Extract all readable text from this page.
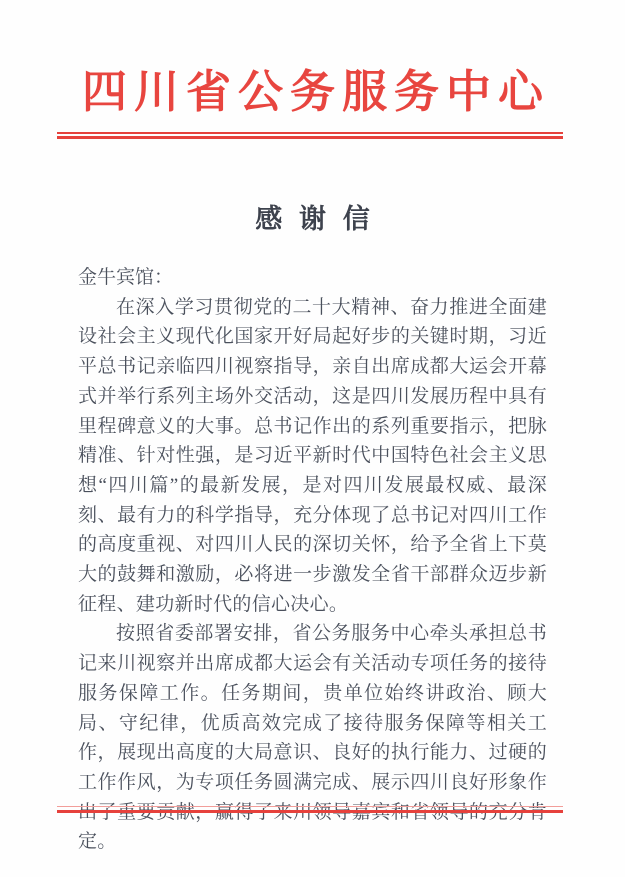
四川省公务服务中心
感 谢 信
金牛宾馆：

在深入学习贯彻党的二十大精神、奋力推进全面建设社会主义现代化国家开好局起好步的关键时期，习近平总书记亲临四川视察指导，亲自出席成都大运会开幕式并举行系列主场外交活动，这是四川发展历程中具有里程碑意义的大事。总书记作出的系列重要指示，把脉精准、针对性强，是习近平新时代中国特色社会主义思想“四川篇”的最新发展，是对四川发展最权威、最深刻、最有力的科学指导，充分体现了总书记对四川工作的高度重视、对四川人民的深切关怀，给予全省上下莫大的鼓舞和激励，必将进一步激发全省干部群众迈步新征程、建功新时代的信心决心。

按照省委部署安排，省公务服务中心牵头承担总书记来川视察并出席成都大运会有关活动专项任务的接待服务保障工作。任务期间，贵单位始终讲政治、顾大局、守纪律，优质高效完成了接待服务保障等相关工作，展现出高度的大局意识、良好的执行能力、过硬的工作作风，为专项任务圆满完成、展示四川良好形象作出了重要贡献，赢得了来川领导嘉宾和省领导的充分肯定。
